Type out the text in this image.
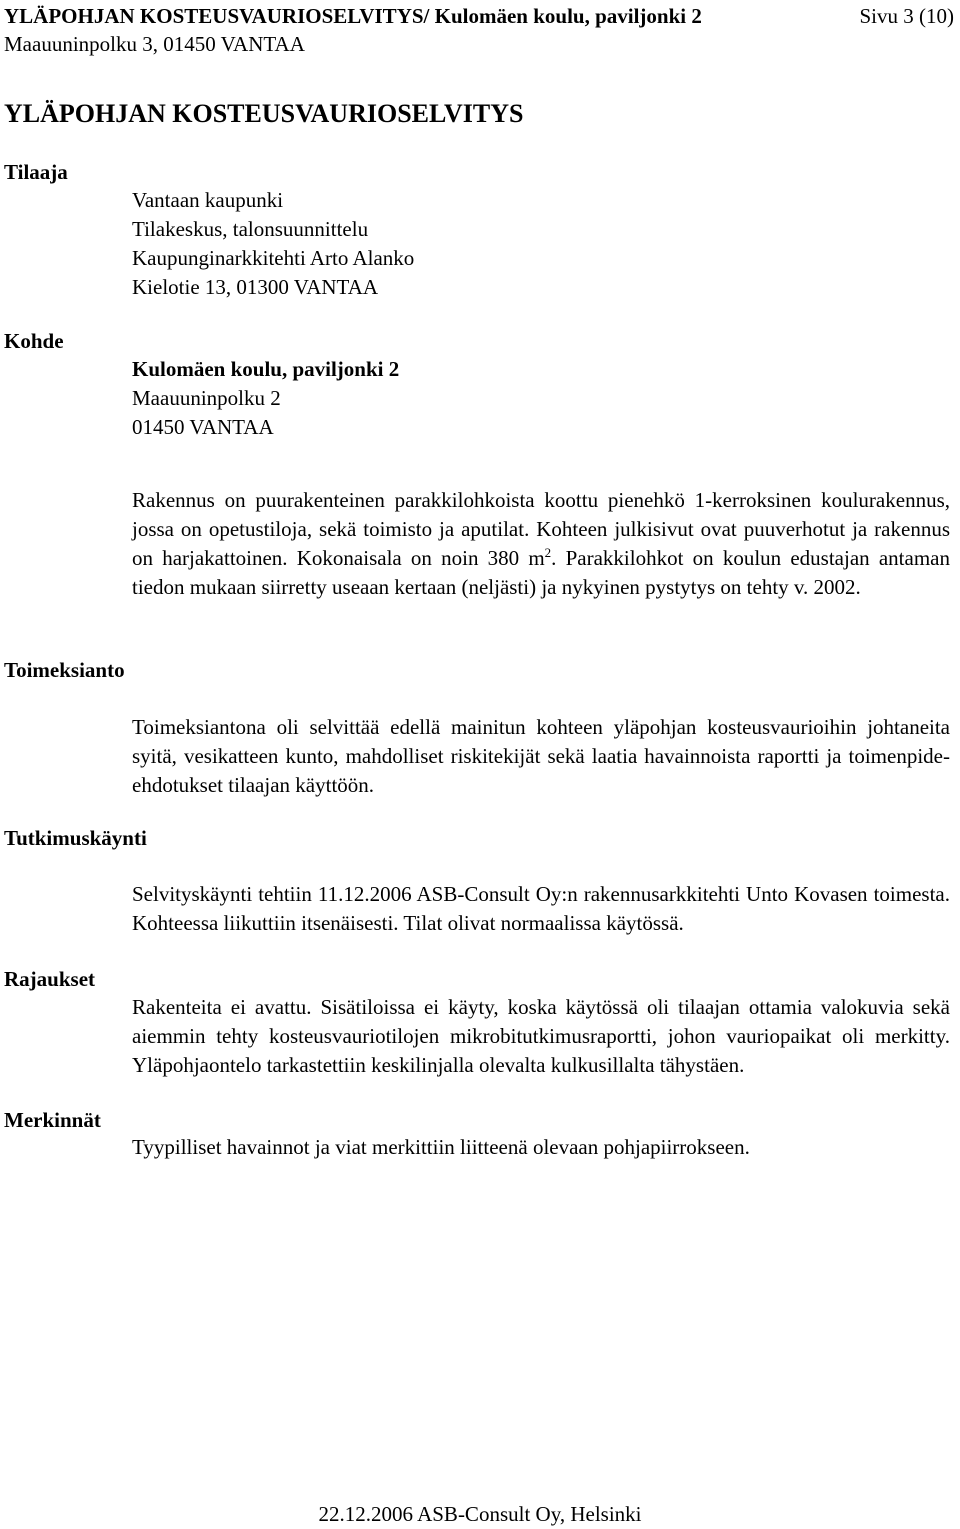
YLÄPOHJAN KOSTEUSVAURIOSELVITYS/ Kulomäen koulu, paviljonki 2	Sivu 3 (10)
Maauuninpolku 3, 01450 VANTAA
YLÄPOHJAN KOSTEUSVAURIOSELVITYS
Tilaaja
Vantaan kaupunki
Tilakeskus, talonsuunnittelu
Kaupunginarkkitehti Arto Alanko
Kielotie 13, 01300 VANTAA
Kohde
Kulomäen koulu, paviljonki 2
Maauuninpolku 2
01450 VANTAA

Rakennus on puurakenteinen parakkilohkoista koottu pienehkö 1-kerroksinen koulurakennus, jossa on opetustiloja, sekä toimisto ja aputilat. Kohteen julkisivut ovat puuverhotut ja rakennus on harjakattoinen. Kokonaisala on noin 380 $m^2$. Parakkilohkot on koulun edustajan antaman tiedon mukaan siirretty useaan kertaan (neljästi) ja nykyinen pystytys on tehty v. 2002.

Toimeksianto

Toimeksiantona oli selvittää edellä mainitun kohteen yläpohjan kosteusvaurioihin johtaneita syitä, vesikatteen kunto, mahdolliset riskitekijät sekä laatia havainnoista raportti ja toimenpide-ehdotukset tilaajan käyttöön.

Tutkimuskäynti

Selvityskäynti tehtiin 11.12.2006 ASB-Consult Oy:n rakennusarkkitehti Unto Kovasen toimesta. Kohteessa liikuttiin itsenäisesti. Tilat olivat normaalissa käytössä.

Rajaukset

Rakenteita ei avattu. Sisätiloissa ei käyty, koska käytössä oli tilaajan ottamia valokuvia sekä aiemmin tehty kosteusvauriotilojen mikrobitutkimusraportti, johon vauriopaikat oli merkitty. Yläpohjaontelo tarkastettiin keskilinjalla olevalta kulkusillalta tähystäen.

Merkinnät
Tyypilliset havainnot ja viat merkittiin liitteenä olevaan pohjapiirrokseen.
22.12.2006 ASB-Consult Oy, Helsinki
